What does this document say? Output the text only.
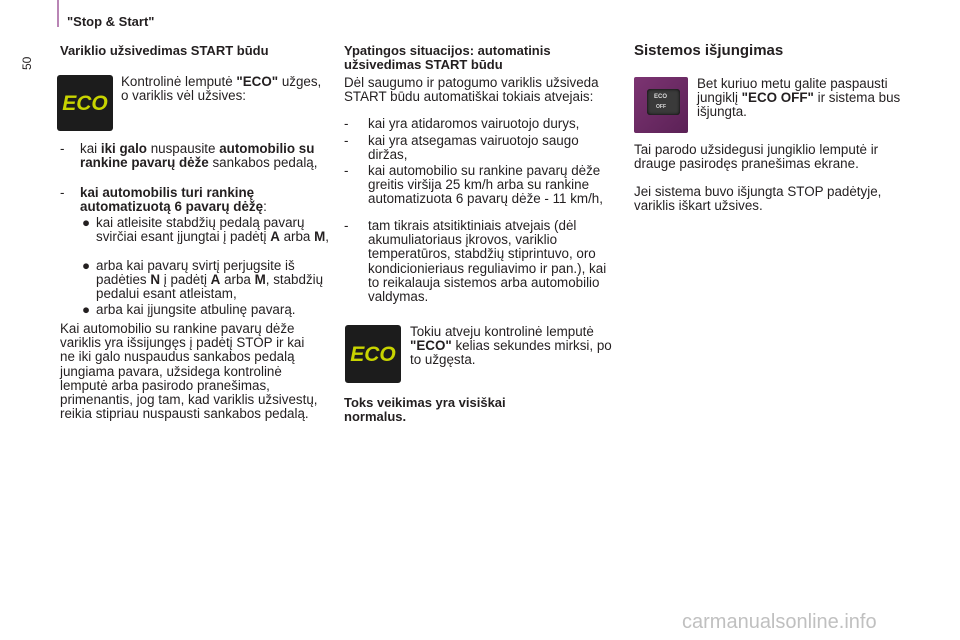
"Stop & Start"
50
Variklio užsivedimas START būdu
ECO
Kontrolinė lemputė "ECO" užges, o variklis vėl užsives:
-	kai iki galo nuspausite automobilio su rankine pavarų dėže sankabos pedalą,
-	kai automobilis turi rankinę automatizuotą 6 pavarų dėžę:
● kai atleisite stabdžių pedalą pavarų svirčiai esant įjungtai į padėtį A arba M,
● arba kai pavarų svirtį perjugsite iš padėties N į padėtį A arba M, stabdžių pedalui esant atleistam,
● arba kai įjungsite atbulinę pavarą.
Kai automobilio su rankine pavarų dėže variklis yra išsijungęs į padėtį STOP ir kai ne iki galo nuspaudus sankabos pedalą jungiama pavara, užsidega kontrolinė lemputė arba pasirodo pranešimas, primenantis, jog tam, kad variklis užsivestų, reikia stipriau nuspausti sankabos pedalą.
Ypatingos situacijos: automatinis užsivedimas START būdu
Dėl saugumo ir patogumo variklis užsiveda START būdu automatiškai tokiais atvejais:
- kai yra atidaromos vairuotojo durys,
- kai yra atsegamas vairuotojo saugo diržas,
- kai automobilio su rankine pavarų dėže greitis viršija 25 km/h arba su rankine automatizuota 6 pavarų dėže - 11 km/h,
- tam tikrais atsitiktiniais atvejais (dėl akumuliatoriaus įkrovos, variklio temperatūros, stabdžių stiprintuvo, oro kondicionieriaus reguliavimo ir pan.), kai to reikalauja sistemos arba automobilio valdymas.
ECO
Tokiu atveju kontrolinė lemputė "ECO" kelias sekundes mirksi, po to užgęsta.
Toks veikimas yra visiškai normalus.
Sistemos išjungimas
ECO
OFF
Bet kuriuo metu galite paspausti jungiklį "ECO OFF" ir sistema bus išjungta.
Tai parodo užsidegusi jungiklio lemputė ir drauge pasirodęs pranešimas ekrane.
Jei sistema buvo išjungta STOP padėtyje, variklis iškart užsives.
carmanualsonline.info
